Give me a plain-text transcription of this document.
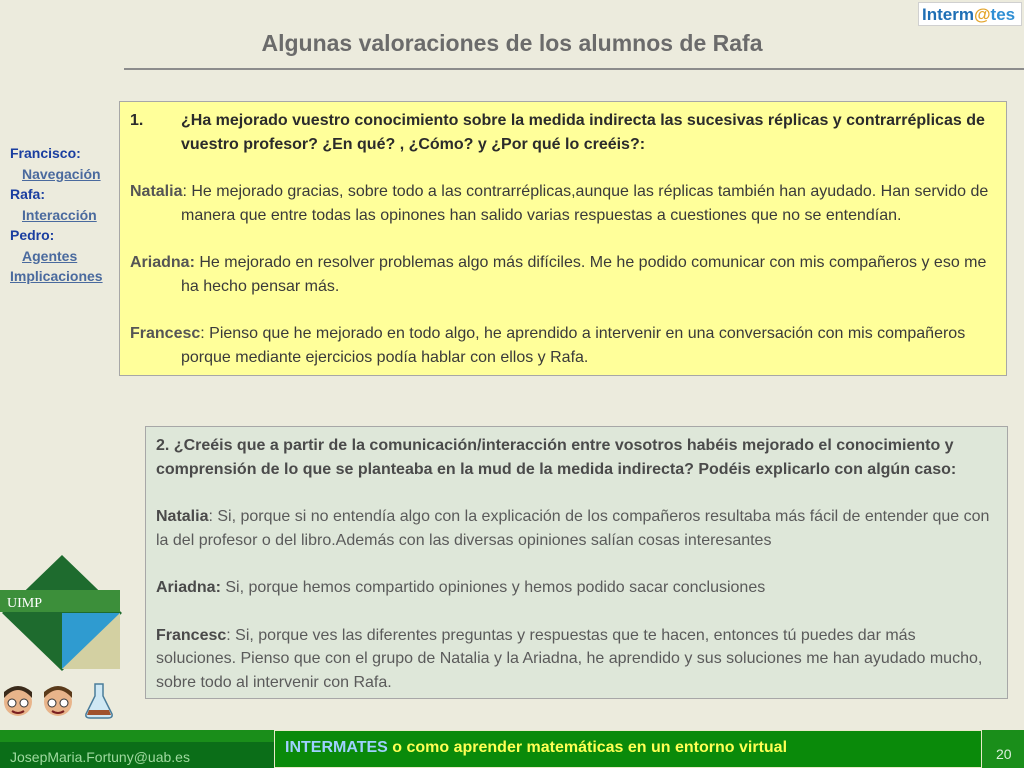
Interm@tes
Algunas valoraciones de los alumnos de Rafa
Francisco:
Navegación
Rafa:
Interacción
Pedro:
Agentes
Implicaciones
1.	¿Ha mejorado vuestro conocimiento sobre la medida indirecta las sucesivas réplicas y contrarréplicas de vuestro profesor? ¿En qué? , ¿Cómo? y ¿Por qué lo creéis?:
Natalia: He mejorado gracias, sobre todo a las contrarréplicas,aunque las réplicas también han ayudado. Han servido de manera que entre todas las opinones han salido varias respuestas a cuestiones que no se entendían.
Ariadna: He mejorado en resolver problemas algo más difíciles. Me he podido comunicar con mis compañeros y eso me ha hecho pensar más.
Francesc: Pienso que he mejorado en todo algo, he aprendido a intervenir en una conversación con mis compañeros porque mediante ejercicios podía hablar con ellos y Rafa.
2. ¿Creéis que a partir de la comunicación/interacción entre vosotros habéis mejorado el conocimiento y comprensión de lo que se planteaba en la mud de la medida indirecta? Podéis explicarlo con algún caso:
Natalia: Si, porque si no entendía algo con la explicación de los compañeros resultaba más fácil de entender que con la del profesor o del libro.Además con las diversas opiniones salían cosas interesantes
Ariadna: Si, porque hemos compartido opiniones y hemos podido sacar conclusiones
Francesc: Si, porque ves las diferentes preguntas y respuestas que te hacen, entonces tú puedes dar más soluciones. Pienso que con el grupo de Natalia y la Ariadna, he aprendido y sus soluciones me han ayudado mucho, sobre todo al intervenir con Rafa.
UIMP
JosepMaria.Fortuny@uab.es
INTERMATES o como aprender matemáticas en un entorno virtual	20
